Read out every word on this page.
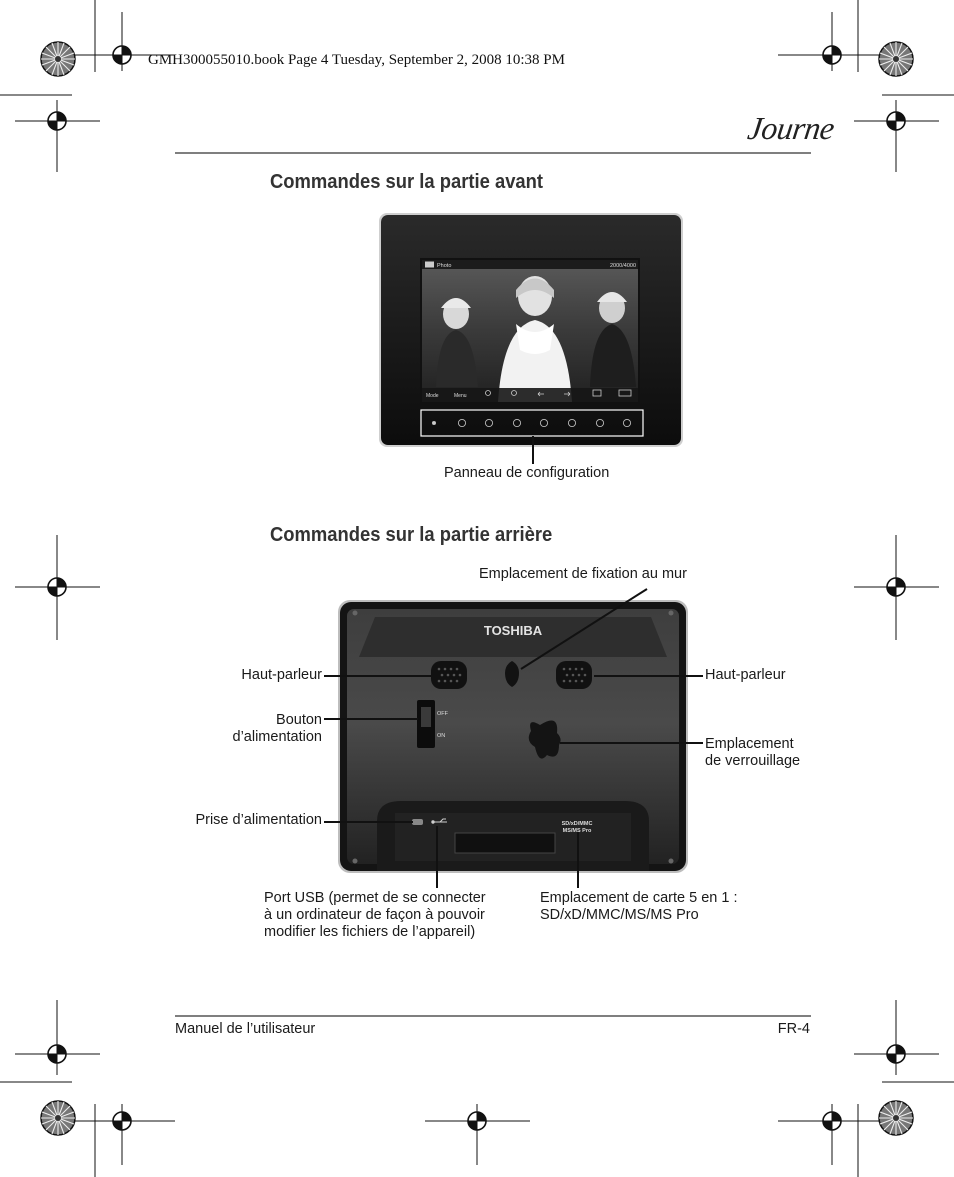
GMH300055010.book Page 4 Tuesday, September 2, 2008 10:38 PM
Journe
Commandes sur la partie avant
Photo	2000/4000
Mode	Menu
Panneau de configuration
Commandes sur la partie arrière
Emplacement de fixation au mur
TOSHIBA
OFF
ON
SD/xD/MMC
MS/MS Pro
Haut-parleur	Haut-parleur
Bouton
d’alimentation	Emplacement
de verrouillage
Prise d’alimentation
Port USB (permet de se connecter
à un ordinateur de façon à pouvoir
modifier les fichiers de l’appareil)
Emplacement de carte 5 en 1 :
SD/xD/MMC/MS/MS Pro
Manuel de l’utilisateur	FR-4
